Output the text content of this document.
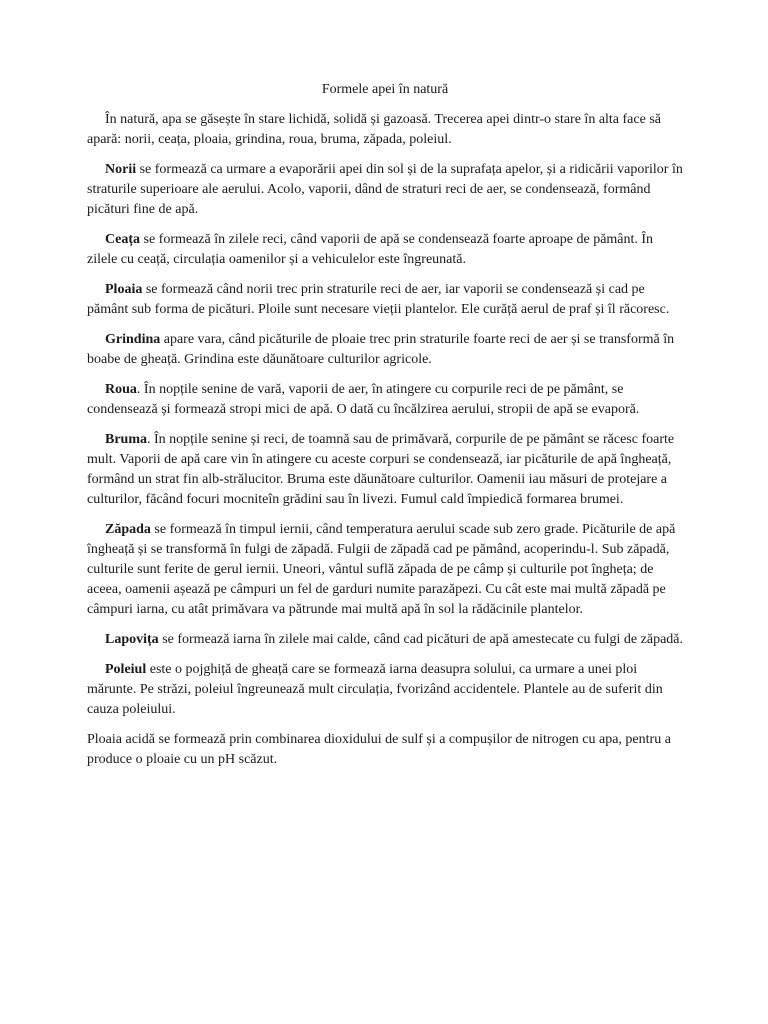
Formele apei în natură

În natură, apa se găsește în stare lichidă, solidă și gazoasă. Trecerea apei dintr-o stare în alta face să apară: norii, ceața, ploaia, grindina, roua, bruma, zăpada, poleiul.

Norii se formează ca urmare a evaporării apei din sol și de la suprafața apelor, și a ridicării vaporilor în straturile superioare ale aerului. Acolo, vaporii, dând de straturi reci de aer, se condensează, formând picături fine de apă.

Ceața se formează în zilele reci, când vaporii de apă se condensează foarte aproape de pământ. În zilele cu ceață, circulația oamenilor și a vehiculelor este îngreunată.

Ploaia se formează când norii trec prin straturile reci de aer, iar vaporii se condensează și cad pe pământ sub forma de picături. Ploile sunt necesare vieții plantelor. Ele curăță aerul de praf și îl răcoresc.

Grindina apare vara, când picăturile de ploaie trec prin straturile foarte reci de aer și se transformă în boabe de gheață. Grindina este dăunătoare culturilor agricole.

Roua. În nopțile senine de vară, vaporii de aer, în atingere cu corpurile reci de pe pământ, se condensează și formează stropi mici de apă. O dată cu încălzirea aerului, stropii de apă se evaporă.

Bruma. În nopțile senine și reci, de toamnă sau de primăvară, corpurile de pe pământ se răcesc foarte mult. Vaporii de apă care vin în atingere cu aceste corpuri se condensează, iar picăturile de apă îngheață, formând un strat fin alb-strălucitor. Bruma este dăunătoare culturilor. Oamenii iau măsuri de protejare a culturilor, făcând focuri mocniteîn grădini sau în livezi. Fumul cald împiedică formarea brumei.

Zăpada se formează în timpul iernii, când temperatura aerului scade sub zero grade. Picăturile de apă îngheață și se transformă în fulgi de zăpadă. Fulgii de zăpadă cad pe pămând, acoperindu-l. Sub zăpadă, culturile sunt ferite de gerul iernii. Uneori, vântul suflă zăpada de pe câmp și culturile pot îngheța; de aceea, oamenii așează pe câmpuri un fel de garduri numite parazăpezi. Cu cât este mai multă zăpadă pe câmpuri iarna, cu atât primăvara va pătrunde mai multă apă în sol la rădăcinile plantelor.

Lapovița se formează iarna în zilele mai calde, când cad picături de apă amestecate cu fulgi de zăpadă.

Poleiul este o pojghiță de gheață care se formează iarna deasupra solului, ca urmare a unei ploi mărunte. Pe străzi, poleiul îngreunează mult circulația, fvorizând accidentele. Plantele au de suferit din cauza poleiului.

Ploaia acidă se formează prin combinarea dioxidului de sulf și a compușilor de nitrogen cu apa, pentru a produce o ploaie cu un pH scăzut.
